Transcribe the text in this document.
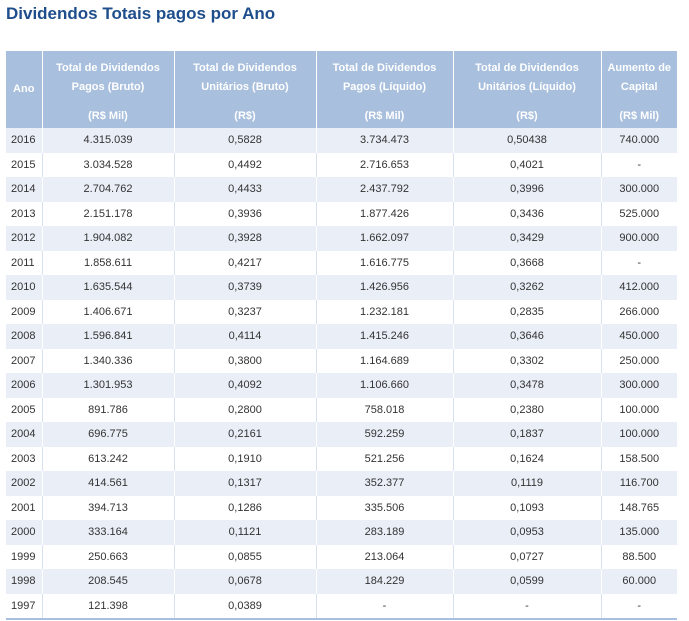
Dividendos Totais pagos por Ano
Ano	Total de Dividendos Pagos (Bruto)	Total de Dividendos Unitários (Bruto)	Total de Dividendos Pagos (Líquido)	Total de Dividendos Unitários (Líquido)	Aumento de Capital
	(R$ Mil)	(R$)	(R$ Mil)	(R$)	(R$ Mil)
2016	4.315.039	0,5828	3.734.473	0,50438	740.000
2015	3.034.528	0,4492	2.716.653	0,4021	-
2014	2.704.762	0,4433	2.437.792	0,3996	300.000
2013	2.151.178	0,3936	1.877.426	0,3436	525.000
2012	1.904.082	0,3928	1.662.097	0,3429	900.000
2011	1.858.611	0,4217	1.616.775	0,3668	-
2010	1.635.544	0,3739	1.426.956	0,3262	412.000
2009	1.406.671	0,3237	1.232.181	0,2835	266.000
2008	1.596.841	0,4114	1.415.246	0,3646	450.000
2007	1.340.336	0,3800	1.164.689	0,3302	250.000
2006	1.301.953	0,4092	1.106.660	0,3478	300.000
2005	891.786	0,2800	758.018	0,2380	100.000
2004	696.775	0,2161	592.259	0,1837	100.000
2003	613.242	0,1910	521.256	0,1624	158.500
2002	414.561	0,1317	352.377	0,1119	116.700
2001	394.713	0,1286	335.506	0,1093	148.765
2000	333.164	0,1121	283.189	0,0953	135.000
1999	250.663	0,0855	213.064	0,0727	88.500
1998	208.545	0,0678	184.229	0,0599	60.000
1997	121.398	0,0389	-	-	-
